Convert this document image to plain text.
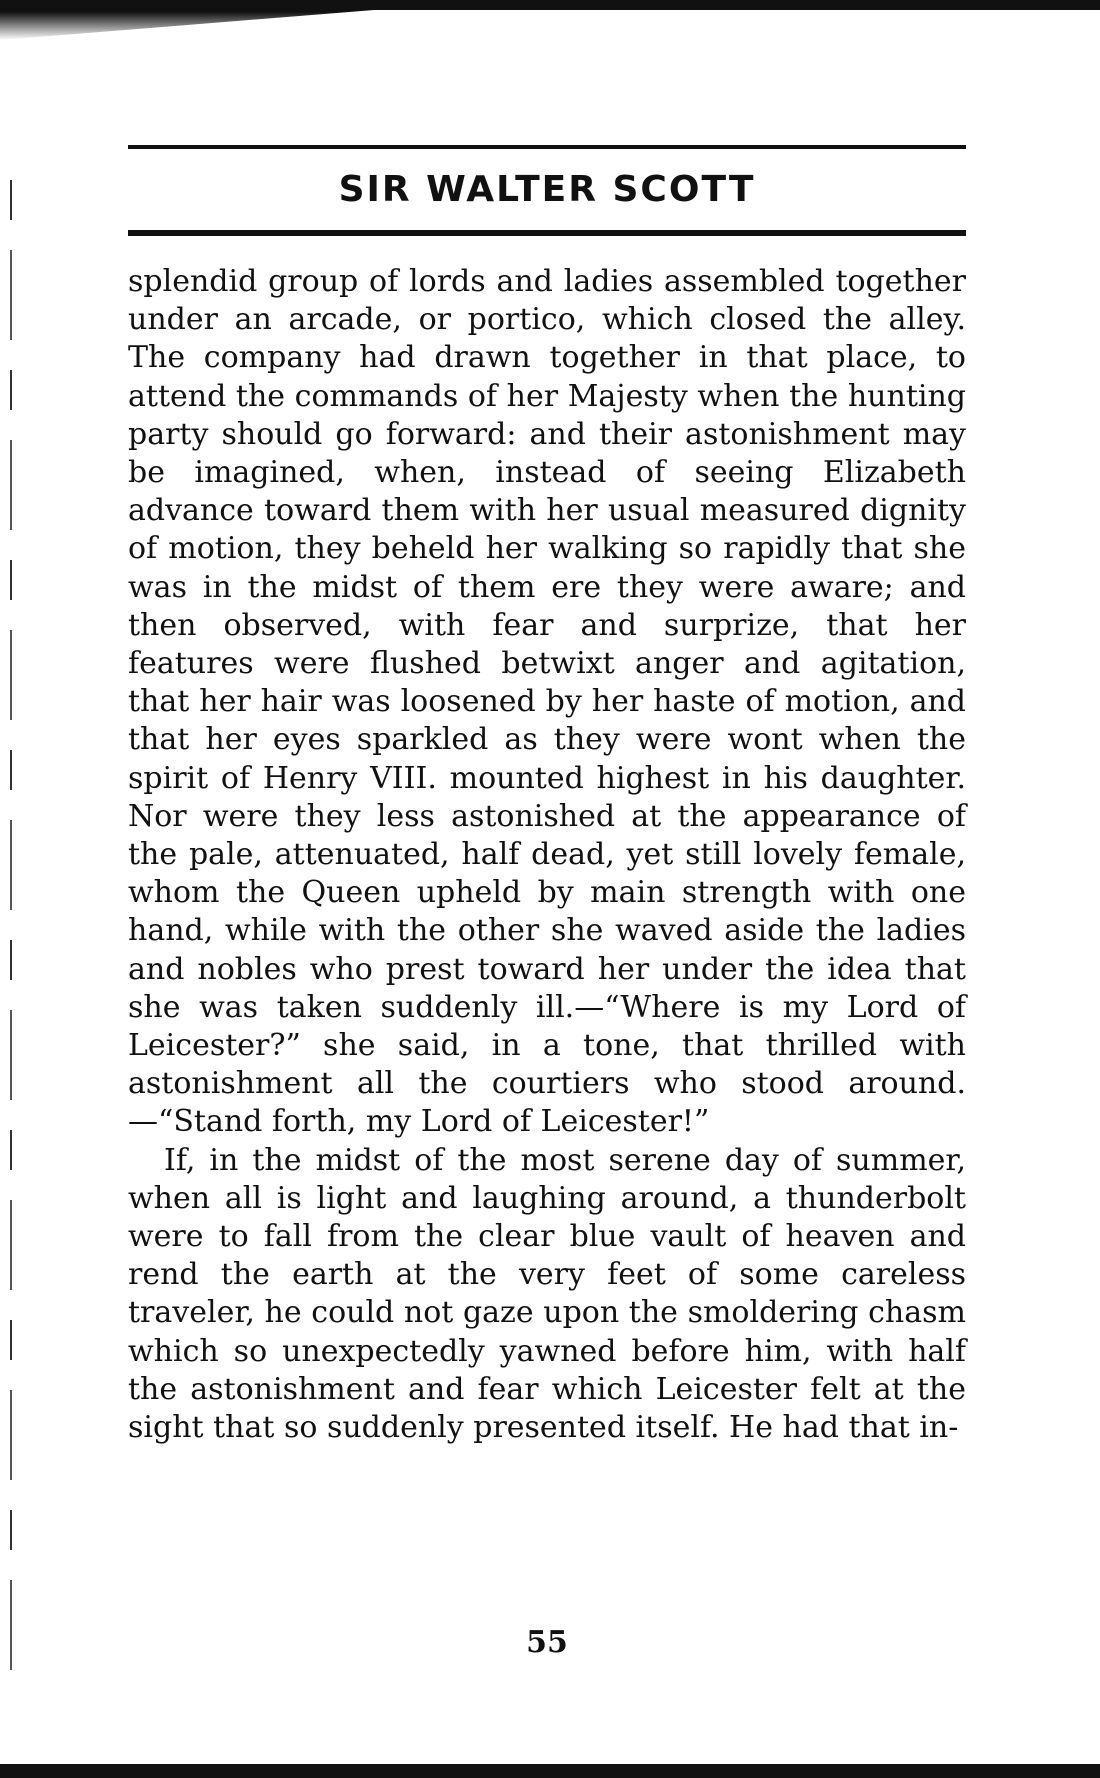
SIR WALTER SCOTT

splendid group of lords and ladies assembled together under an arcade, or portico, which closed the alley. The company had drawn together in that place, to attend the commands of her Majesty when the hunting party should go forward: and their astonishment may be imagined, when, instead of seeing Elizabeth advance toward them with her usual measured dignity of motion, they beheld her walking so rapidly that she was in the midst of them ere they were aware; and then observed, with fear and surprize, that her features were flushed betwixt anger and agitation, that her hair was loosened by her haste of motion, and that her eyes sparkled as they were wont when the spirit of Henry VIII. mounted highest in his daughter. Nor were they less astonished at the appearance of the pale, attenuated, half dead, yet still lovely female, whom the Queen upheld by main strength with one hand, while with the other she waved aside the ladies and nobles who prest toward her under the idea that she was taken suddenly ill.—“Where is my Lord of Leicester?” she said, in a tone, that thrilled with astonishment all the courtiers who stood around.—“Stand forth, my Lord of Leicester!”

If, in the midst of the most serene day of summer, when all is light and laughing around, a thunderbolt were to fall from the clear blue vault of heaven and rend the earth at the very feet of some careless traveler, he could not gaze upon the smoldering chasm which so unexpectedly yawned before him, with half the astonishment and fear which Leicester felt at the sight that so suddenly presented itself. He had that in-

55
